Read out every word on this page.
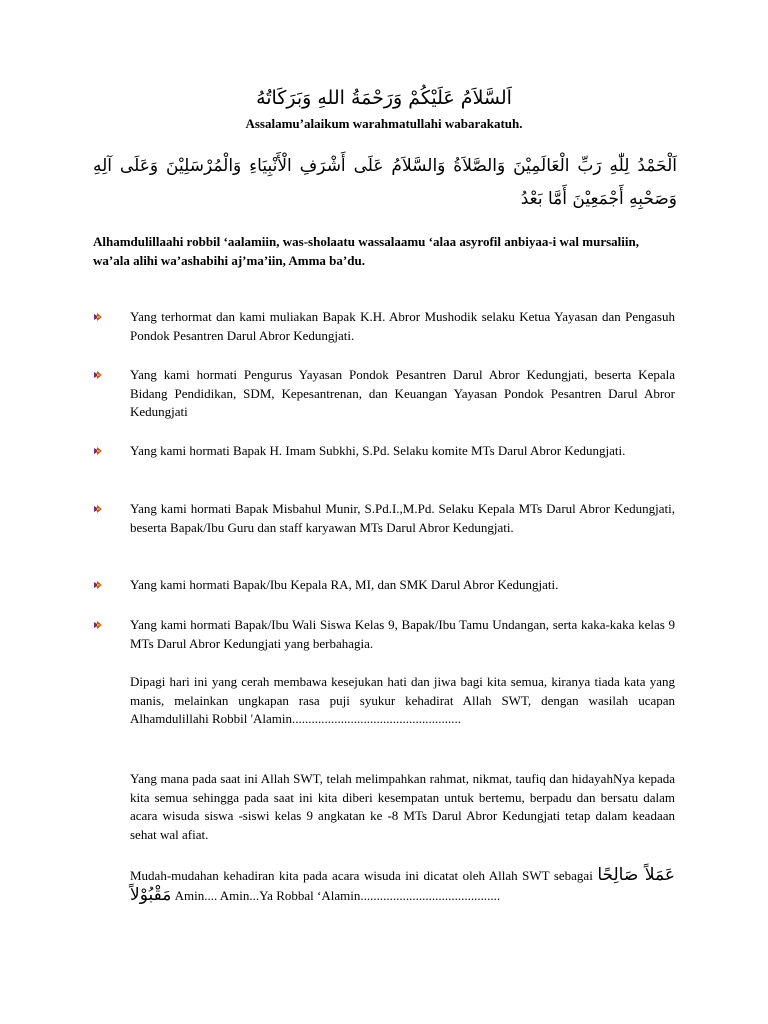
اَلسَّلاَمُ عَلَيْكُمْ وَرَحْمَةُ اللهِ وَبَرَكَاتُهُ
Assalamu’alaikum warahmatullahi wabarakatuh.
اَلْحَمْدُ لِلّٰهِ رَبِّ الْعَالَمِيْنَ وَالصَّلاَةُ وَالسَّلاَمُ عَلَى أَشْرَفِ الْأَنْبِيَاءِ وَالْمُرْسَلِيْنَ وَعَلَى آلِهِ وَصَحْبِهِ أَجْمَعِيْنَ أَمَّا بَعْدُ
Alhamdulillaahi robbil ‘aalamiin, was-sholaatu wassalaamu ‘alaa asyrofil anbiyaa-i wal mursaliin, wa’ala alihi wa’ashabihi aj’ma’iin, Amma ba’du.
Yang terhormat dan kami muliakan Bapak K.H. Abror Mushodik selaku Ketua Yayasan dan Pengasuh Pondok Pesantren Darul Abror Kedungjati.
Yang kami hormati Pengurus Yayasan Pondok Pesantren Darul Abror Kedungjati, beserta Kepala Bidang Pendidikan, SDM, Kepesantrenan, dan Keuangan Yayasan Pondok Pesantren Darul Abror Kedungjati
Yang kami hormati Bapak H. Imam Subkhi, S.Pd. Selaku komite MTs Darul Abror Kedungjati.
Yang kami hormati Bapak Misbahul Munir, S.Pd.I.,M.Pd. Selaku Kepala MTs Darul Abror Kedungjati, beserta Bapak/Ibu Guru dan staff karyawan MTs Darul Abror Kedungjati.
Yang kami hormati Bapak/Ibu Kepala RA, MI, dan SMK Darul Abror Kedungjati.
Yang kami hormati Bapak/Ibu Wali Siswa Kelas 9, Bapak/Ibu Tamu Undangan, serta kaka-kaka kelas 9 MTs Darul Abror Kedungjati yang berbahagia.
Dipagi hari ini yang cerah membawa kesejukan hati dan jiwa bagi kita semua, kiranya tiada kata yang manis, melainkan ungkapan rasa puji syukur kehadirat Allah SWT, dengan wasilah ucapan Alhamdulillahi Robbil 'Alamin....................................................
Yang mana pada saat ini Allah SWT, telah melimpahkan rahmat, nikmat, taufiq dan hidayahNya kepada kita semua sehingga pada saat ini kita diberi kesempatan untuk bertemu, berpadu dan bersatu dalam acara wisuda siswa -siswi kelas 9 angkatan ke -8 MTs Darul Abror Kedungjati tetap dalam keadaan sehat wal afiat.
Mudah-mudahan kehadiran kita pada acara wisuda ini dicatat oleh Allah SWT sebagai عَمَلاً صَالِحًا مَقْبُوْلاً Amin.... Amin...Ya Robbal ‘Alamin...........................................
